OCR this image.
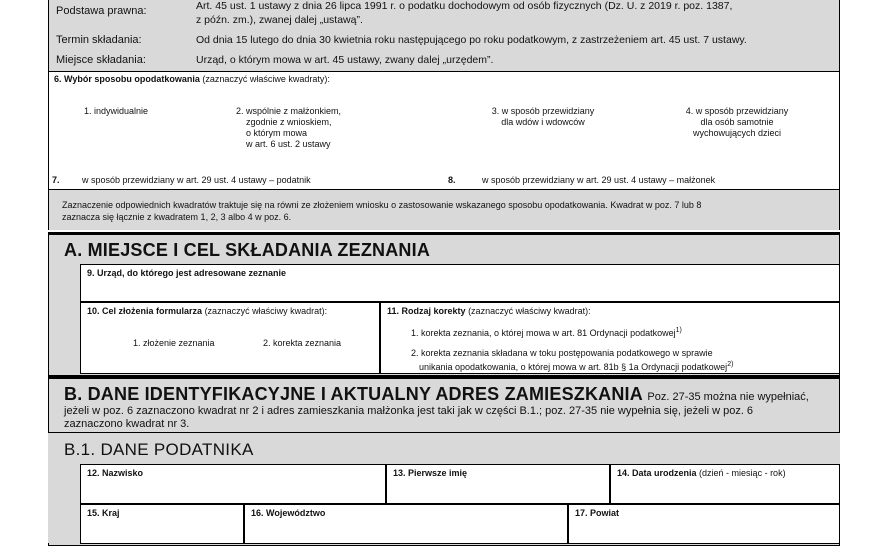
Podstawa prawna:	Art. 45 ust. 1 ustawy z dnia 26 lipca 1991 r. o podatku dochodowym od osób fizycznych (Dz. U. z 2019 r. poz. 1387,
z późn. zm.), zwanej dalej „ustawą”.
Termin składania:	Od dnia 15 lutego do dnia 30 kwietnia roku następującego po roku podatkowym, z zastrzeżeniem art. 45 ust. 7 ustawy.
Miejsce składania:	Urząd, o którym mowa w art. 45 ustawy, zwany dalej „urzędem”.
6. Wybór sposobu opodatkowania (zaznaczyć właściwe kwadraty):
1. indywidualnie	2. wspólnie z małżonkiem,
zgodnie z wnioskiem,
o którym mowa
w art. 6 ust. 2 ustawy
3. w sposób przewidziany
dla wdów i wdowców
4. w sposób przewidziany
dla osób samotnie
wychowujących dzieci
7. w sposób przewidziany w art. 29 ust. 4 ustawy – podatnik	8.	w sposób przewidziany w art. 29 ust. 4 ustawy – małżonek
Zaznaczenie odpowiednich kwadratów traktuje się na równi ze złożeniem wniosku o zastosowanie wskazanego sposobu opodatkowania. Kwadrat w poz. 7 lub 8
zaznacza się łącznie z kwadratem 1, 2, 3 albo 4 w poz. 6.
A. MIEJSCE I CEL SKŁADANIA ZEZNANIA
9. Urząd, do którego jest adresowane zeznanie
10. Cel złożenia formularza (zaznaczyć właściwy kwadrat):
1. złożenie zeznania	2. korekta zeznania
11. Rodzaj korekty (zaznaczyć właściwy kwadrat):
1. korekta zeznania, o której mowa w art. 81 Ordynacji podatkowej$^{1)}$
2. korekta zeznania składana w toku postępowania podatkowego w sprawie
unikania opodatkowania, o której mowa w art. 81b § 1a Ordynacji podatkowej$^{2)}$
B. DANE IDENTYFIKACYJNE I AKTUALNY ADRES ZAMIESZKANIA Poz. 27-35 można nie wypełniać,
jeżeli w poz. 6 zaznaczono kwadrat nr 2 i adres zamieszkania małżonka jest taki jak w części B.1.; poz. 27-35 nie wypełnia się, jeżeli w poz. 6
zaznaczono kwadrat nr 3.
B.1. DANE PODATNIKA
12. Nazwisko	13. Pierwsze imię	14. Data urodzenia (dzień - miesiąc - rok)
15. Kraj	16. Województwo	17. Powiat
